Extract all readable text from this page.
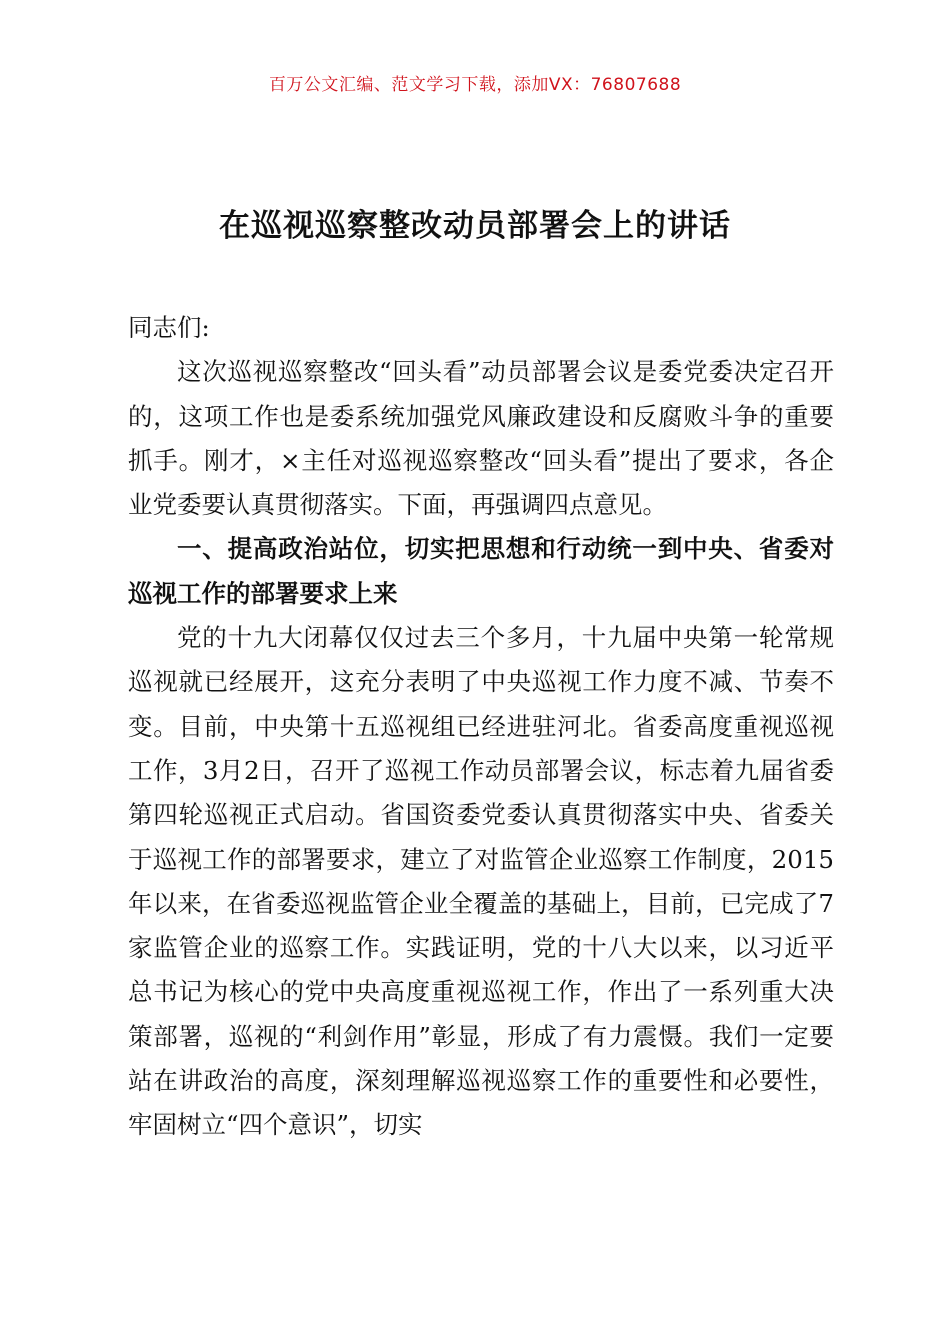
百万公文汇编、范文学习下载，添加VX：76807688
在巡视巡察整改动员部署会上的讲话

同志们:

这次巡视巡察整改“回头看”动员部署会议是委党委决定召开的，这项工作也是委系统加强党风廉政建设和反腐败斗争的重要抓手。刚才，×主任对巡视巡察整改“回头看”提出了要求，各企业党委要认真贯彻落实。下面，再强调四点意见。

一、提高政治站位，切实把思想和行动统一到中央、省委对巡视工作的部署要求上来

党的十九大闭幕仅仅过去三个多月，十九届中央第一轮常规巡视就已经展开，这充分表明了中央巡视工作力度不减、节奏不变。目前，中央第十五巡视组已经进驻河北。省委高度重视巡视工作，3月2日，召开了巡视工作动员部署会议，标志着九届省委第四轮巡视正式启动。省国资委党委认真贯彻落实中央、省委关于巡视工作的部署要求，建立了对监管企业巡察工作制度，2015年以来，在省委巡视监管企业全覆盖的基础上，目前，已完成了7家监管企业的巡察工作。实践证明，党的十八大以来，以习近平总书记为核心的党中央高度重视巡视工作，作出了一系列重大决策部署，巡视的“利剑作用”彰显，形成了有力震慑。我们一定要站在讲政治的高度，深刻理解巡视巡察工作的重要性和必要性，牢固树立“四个意识”，切实
